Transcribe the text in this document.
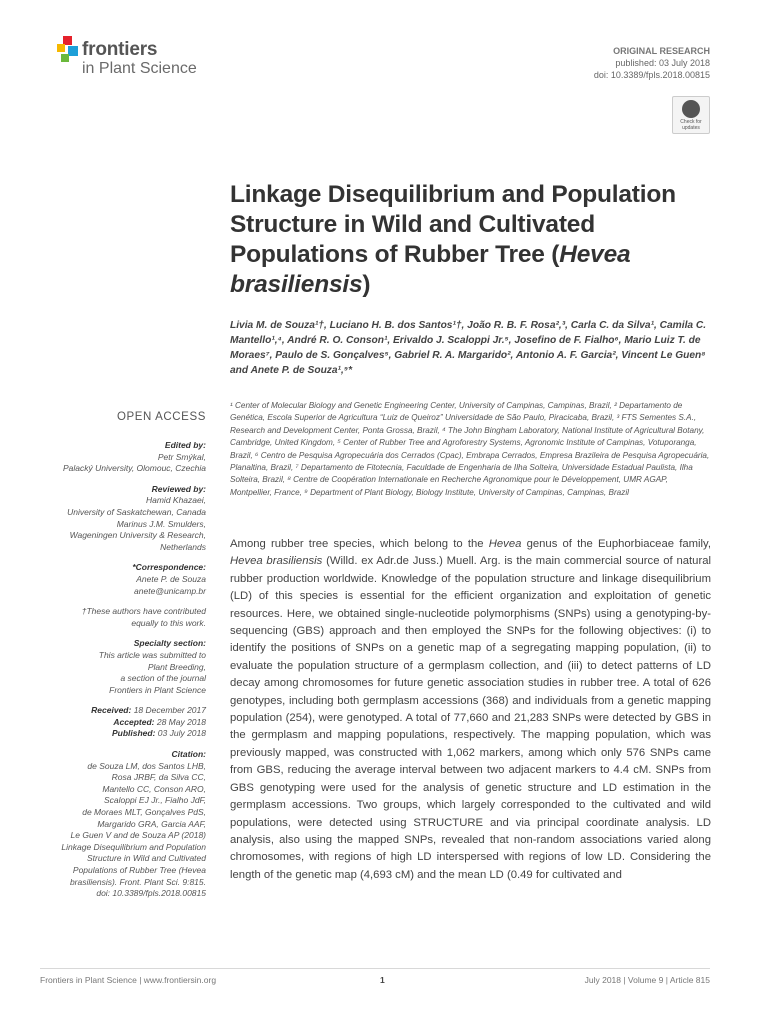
frontiers
in Plant Science
ORIGINAL RESEARCH
published: 03 July 2018
doi: 10.3389/fpls.2018.00815
Check for updates
Linkage Disequilibrium and Population Structure in Wild and Cultivated Populations of Rubber Tree (Hevea brasiliensis)
Livia M. de Souza¹†, Luciano H. B. dos Santos¹†, João R. B. F. Rosa²,³, Carla C. da Silva¹, Camila C. Mantello¹,⁴, André R. O. Conson¹, Erivaldo J. Scaloppi Jr.⁵, Josefino de F. Fialho⁶, Mario Luiz T. de Moraes⁷, Paulo de S. Gonçalves⁵, Gabriel R. A. Margarido², Antonio A. F. Garcia², Vincent Le Guen⁸ and Anete P. de Souza¹,⁹*
¹ Center of Molecular Biology and Genetic Engineering Center, University of Campinas, Campinas, Brazil, ² Departamento de Genética, Escola Superior de Agricultura “Luiz de Queiroz” Universidade de São Paulo, Piracicaba, Brazil, ³ FTS Sementes S.A., Research and Development Center, Ponta Grossa, Brazil, ⁴ The John Bingham Laboratory, National Institute of Agricultural Botany, Cambridge, United Kingdom, ⁵ Center of Rubber Tree and Agroforestry Systems, Agronomic Institute of Campinas, Votuporanga, Brazil, ⁶ Centro de Pesquisa Agropecuária dos Cerrados (Cpac), Embrapa Cerrados, Empresa Brazileira de Pesquisa Agropecuária, Planaltina, Brazil, ⁷ Departamento de Fitotecnia, Faculdade de Engenharia de Ilha Solteira, Universidade Estadual Paulista, Ilha Solteira, Brazil, ⁸ Centre de Coopération Internationale en Recherche Agronomique pour le Développement, UMR AGAP, Montpellier, France, ⁹ Department of Plant Biology, Biology Institute, University of Campinas, Campinas, Brazil

Among rubber tree species, which belong to the Hevea genus of the Euphorbiaceae family, Hevea brasiliensis (Willd. ex Adr.de Juss.) Muell. Arg. is the main commercial source of natural rubber production worldwide. Knowledge of the population structure and linkage disequilibrium (LD) of this species is essential for the efficient organization and exploitation of genetic resources. Here, we obtained single-nucleotide polymorphisms (SNPs) using a genotyping-by-sequencing (GBS) approach and then employed the SNPs for the following objectives: (i) to identify the positions of SNPs on a genetic map of a segregating mapping population, (ii) to evaluate the population structure of a germplasm collection, and (iii) to detect patterns of LD decay among chromosomes for future genetic association studies in rubber tree. A total of 626 genotypes, including both germplasm accessions (368) and individuals from a genetic mapping population (254), were genotyped. A total of 77,660 and 21,283 SNPs were detected by GBS in the germplasm and mapping populations, respectively. The mapping population, which was previously mapped, was constructed with 1,062 markers, among which only 576 SNPs came from GBS, reducing the average interval between two adjacent markers to 4.4 cM. SNPs from GBS genotyping were used for the analysis of genetic structure and LD estimation in the germplasm accessions. Two groups, which largely corresponded to the cultivated and wild populations, were detected using STRUCTURE and via principal coordinate analysis. LD analysis, also using the mapped SNPs, revealed that non-random associations varied along chromosomes, with regions of high LD interspersed with regions of low LD. Considering the length of the genetic map (4,693 cM) and the mean LD (0.49 for cultivated and

OPEN ACCESS
Edited by:
Petr Smýkal,
Palacký University, Olomouc, Czechia
Reviewed by:
Hamid Khazaei,
University of Saskatchewan, Canada
Marinus J.M. Smulders,
Wageningen University & Research,
Netherlands
*Correspondence:
Anete P. de Souza
anete@unicamp.br
†These authors have contributed
equally to this work.
Specialty section:
This article was submitted to
Plant Breeding,
a section of the journal
Frontiers in Plant Science
Received: 18 December 2017
Accepted: 28 May 2018
Published: 03 July 2018
Citation:
de Souza LM, dos Santos LHB,
Rosa JRBF, da Silva CC,
Mantello CC, Conson ARO,
Scaloppi EJ Jr., Fialho JdF,
de Moraes MLT, Gonçalves PdS,
Margarido GRA, Garcia AAF,
Le Guen V and de Souza AP (2018)
Linkage Disequilibrium and Population
Structure in Wild and Cultivated
Populations of Rubber Tree (Hevea
brasiliensis). Front. Plant Sci. 9:815.
doi: 10.3389/fpls.2018.00815
Frontiers in Plant Science | www.frontiersin.org	1	July 2018 | Volume 9 | Article 815
